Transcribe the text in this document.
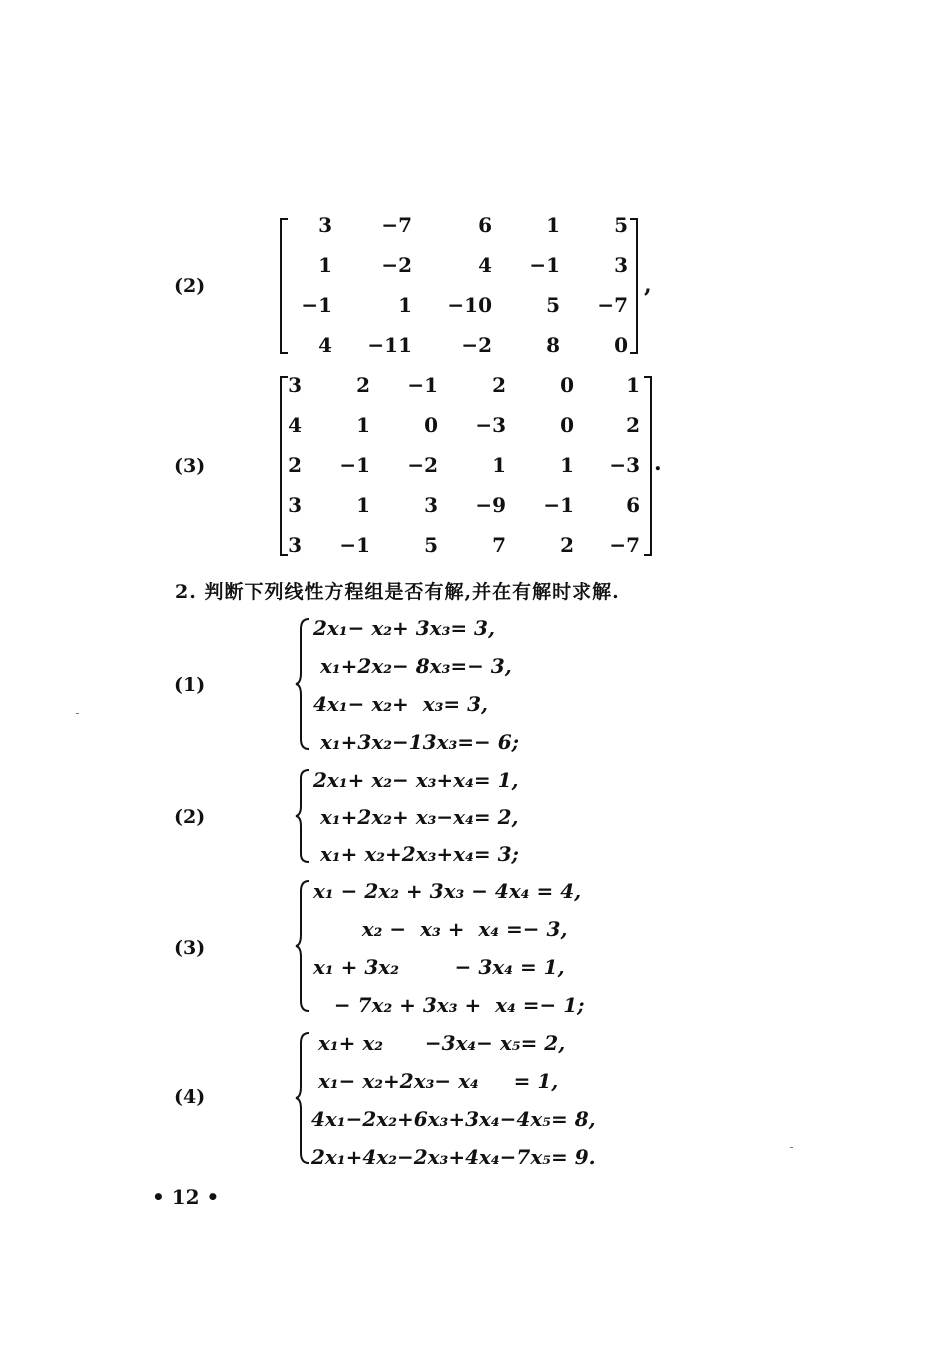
(2)
3	−7	6	1	5
1	−2	4	−1	3
−1	1	−10	5	−7
4	−11	−2	8	0
,
(3)
3	2	−1	2	0	1
4	1	0	−3	0	2
2	−1	−2	1	1	−3
3	1	3	−9	−1	6
3	−1	5	7	2	−7
.
2. 判断下列线性方程组是否有解,并在有解时求解.
(1)
2x₁− x₂+ 3x₃= 3,
x₁+2x₂− 8x₃=− 3,
4x₁− x₂+  x₃= 3,
x₁+3x₂−13x₃=− 6;
(2)
2x₁+ x₂− x₃+x₄= 1,
x₁+2x₂+ x₃−x₄= 2,
x₁+ x₂+2x₃+x₄= 3;
(3)
x₁ − 2x₂ + 3x₃ − 4x₄ = 4,
x₂ −  x₃ +  x₄ =− 3,
x₁ + 3x₂        − 3x₄ = 1,
− 7x₂ + 3x₃ +  x₄ =− 1;
(4)
x₁+ x₂      −3x₄− x₅= 2,
x₁− x₂+2x₃− x₄     = 1,
4x₁−2x₂+6x₃+3x₄−4x₅= 8,
2x₁+4x₂−2x₃+4x₄−7x₅= 9.
• 12 •
